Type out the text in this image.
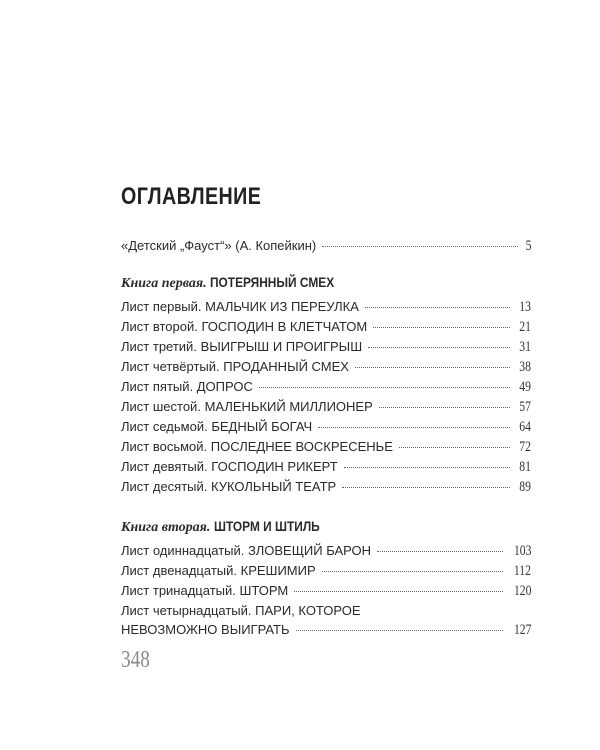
ОГЛАВЛЕНИЕ
«Детский „Фауст“» (А. Копейкин)	5
Книга первая. ПОТЕРЯННЫЙ СМЕХ
Лист первый. МАЛЬЧИК ИЗ ПЕРЕУЛКА	13
Лист второй. ГОСПОДИН В КЛЕТЧАТОМ	21
Лист третий. ВЫИГРЫШ И ПРОИГРЫШ	31
Лист четвёртый. ПРОДАННЫЙ СМЕХ	38
Лист пятый. ДОПРОС	49
Лист шестой. МАЛЕНЬКИЙ МИЛЛИОНЕР	57
Лист седьмой. БЕДНЫЙ БОГАЧ	64
Лист восьмой. ПОСЛЕДНЕЕ ВОСКРЕСЕНЬЕ	72
Лист девятый. ГОСПОДИН РИКЕРТ	81
Лист десятый. КУКОЛЬНЫЙ ТЕАТР	89
Книга вторая. ШТОРМ И ШТИЛЬ
Лист одиннадцатый. ЗЛОВЕЩИЙ БАРОН	103
Лист двенадцатый. КРЕШИМИР	112
Лист тринадцатый. ШТОРМ	120
Лист четырнадцатый. ПАРИ, КОТОРОЕ
НЕВОЗМОЖНО ВЫИГРАТЬ	127
348
